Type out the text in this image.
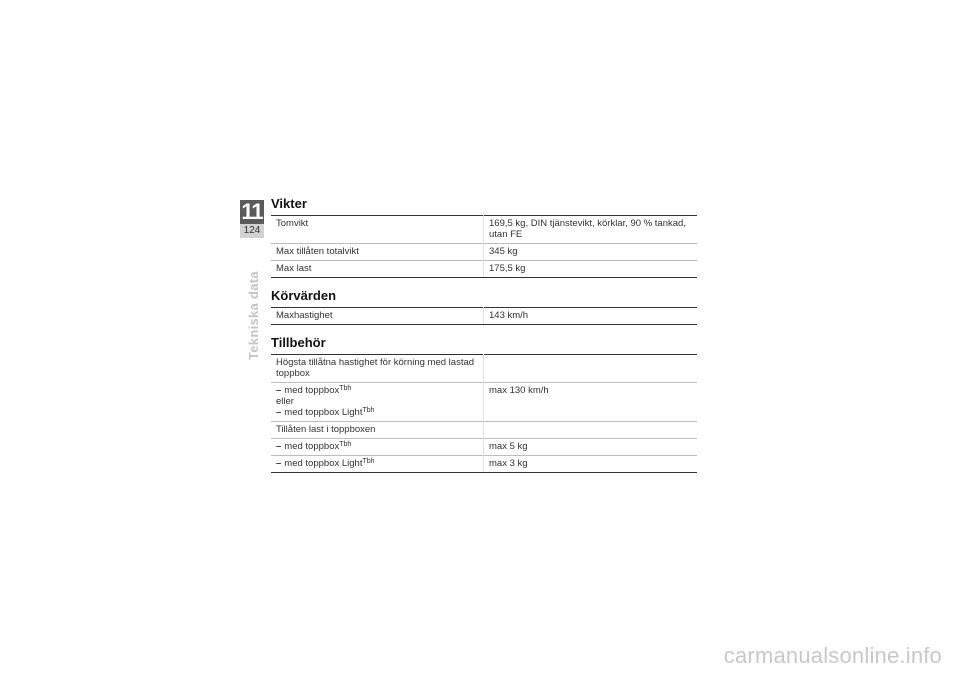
11
124
Tekniska data
Vikter
Tomvikt	169,5 kg, DIN tjänstevikt, körklar, 90 % tankad, utan FE
Max tillåten totalvikt	345 kg
Max last	175,5 kg
Körvärden
Maxhastighet	143 km/h
Tillbehör
Högsta tillåtna hastighet för körning med lastad toppbox	

– med toppbox$^{Tbh}$
eller
– med toppbox Light$^{Tbh}$	max 130 km/h
Tillåten last i toppboxen	
– med toppbox$^{Tbh}$	max 5 kg
– med toppbox Light$^{Tbh}$	max 3 kg
carmanualsonline.info
